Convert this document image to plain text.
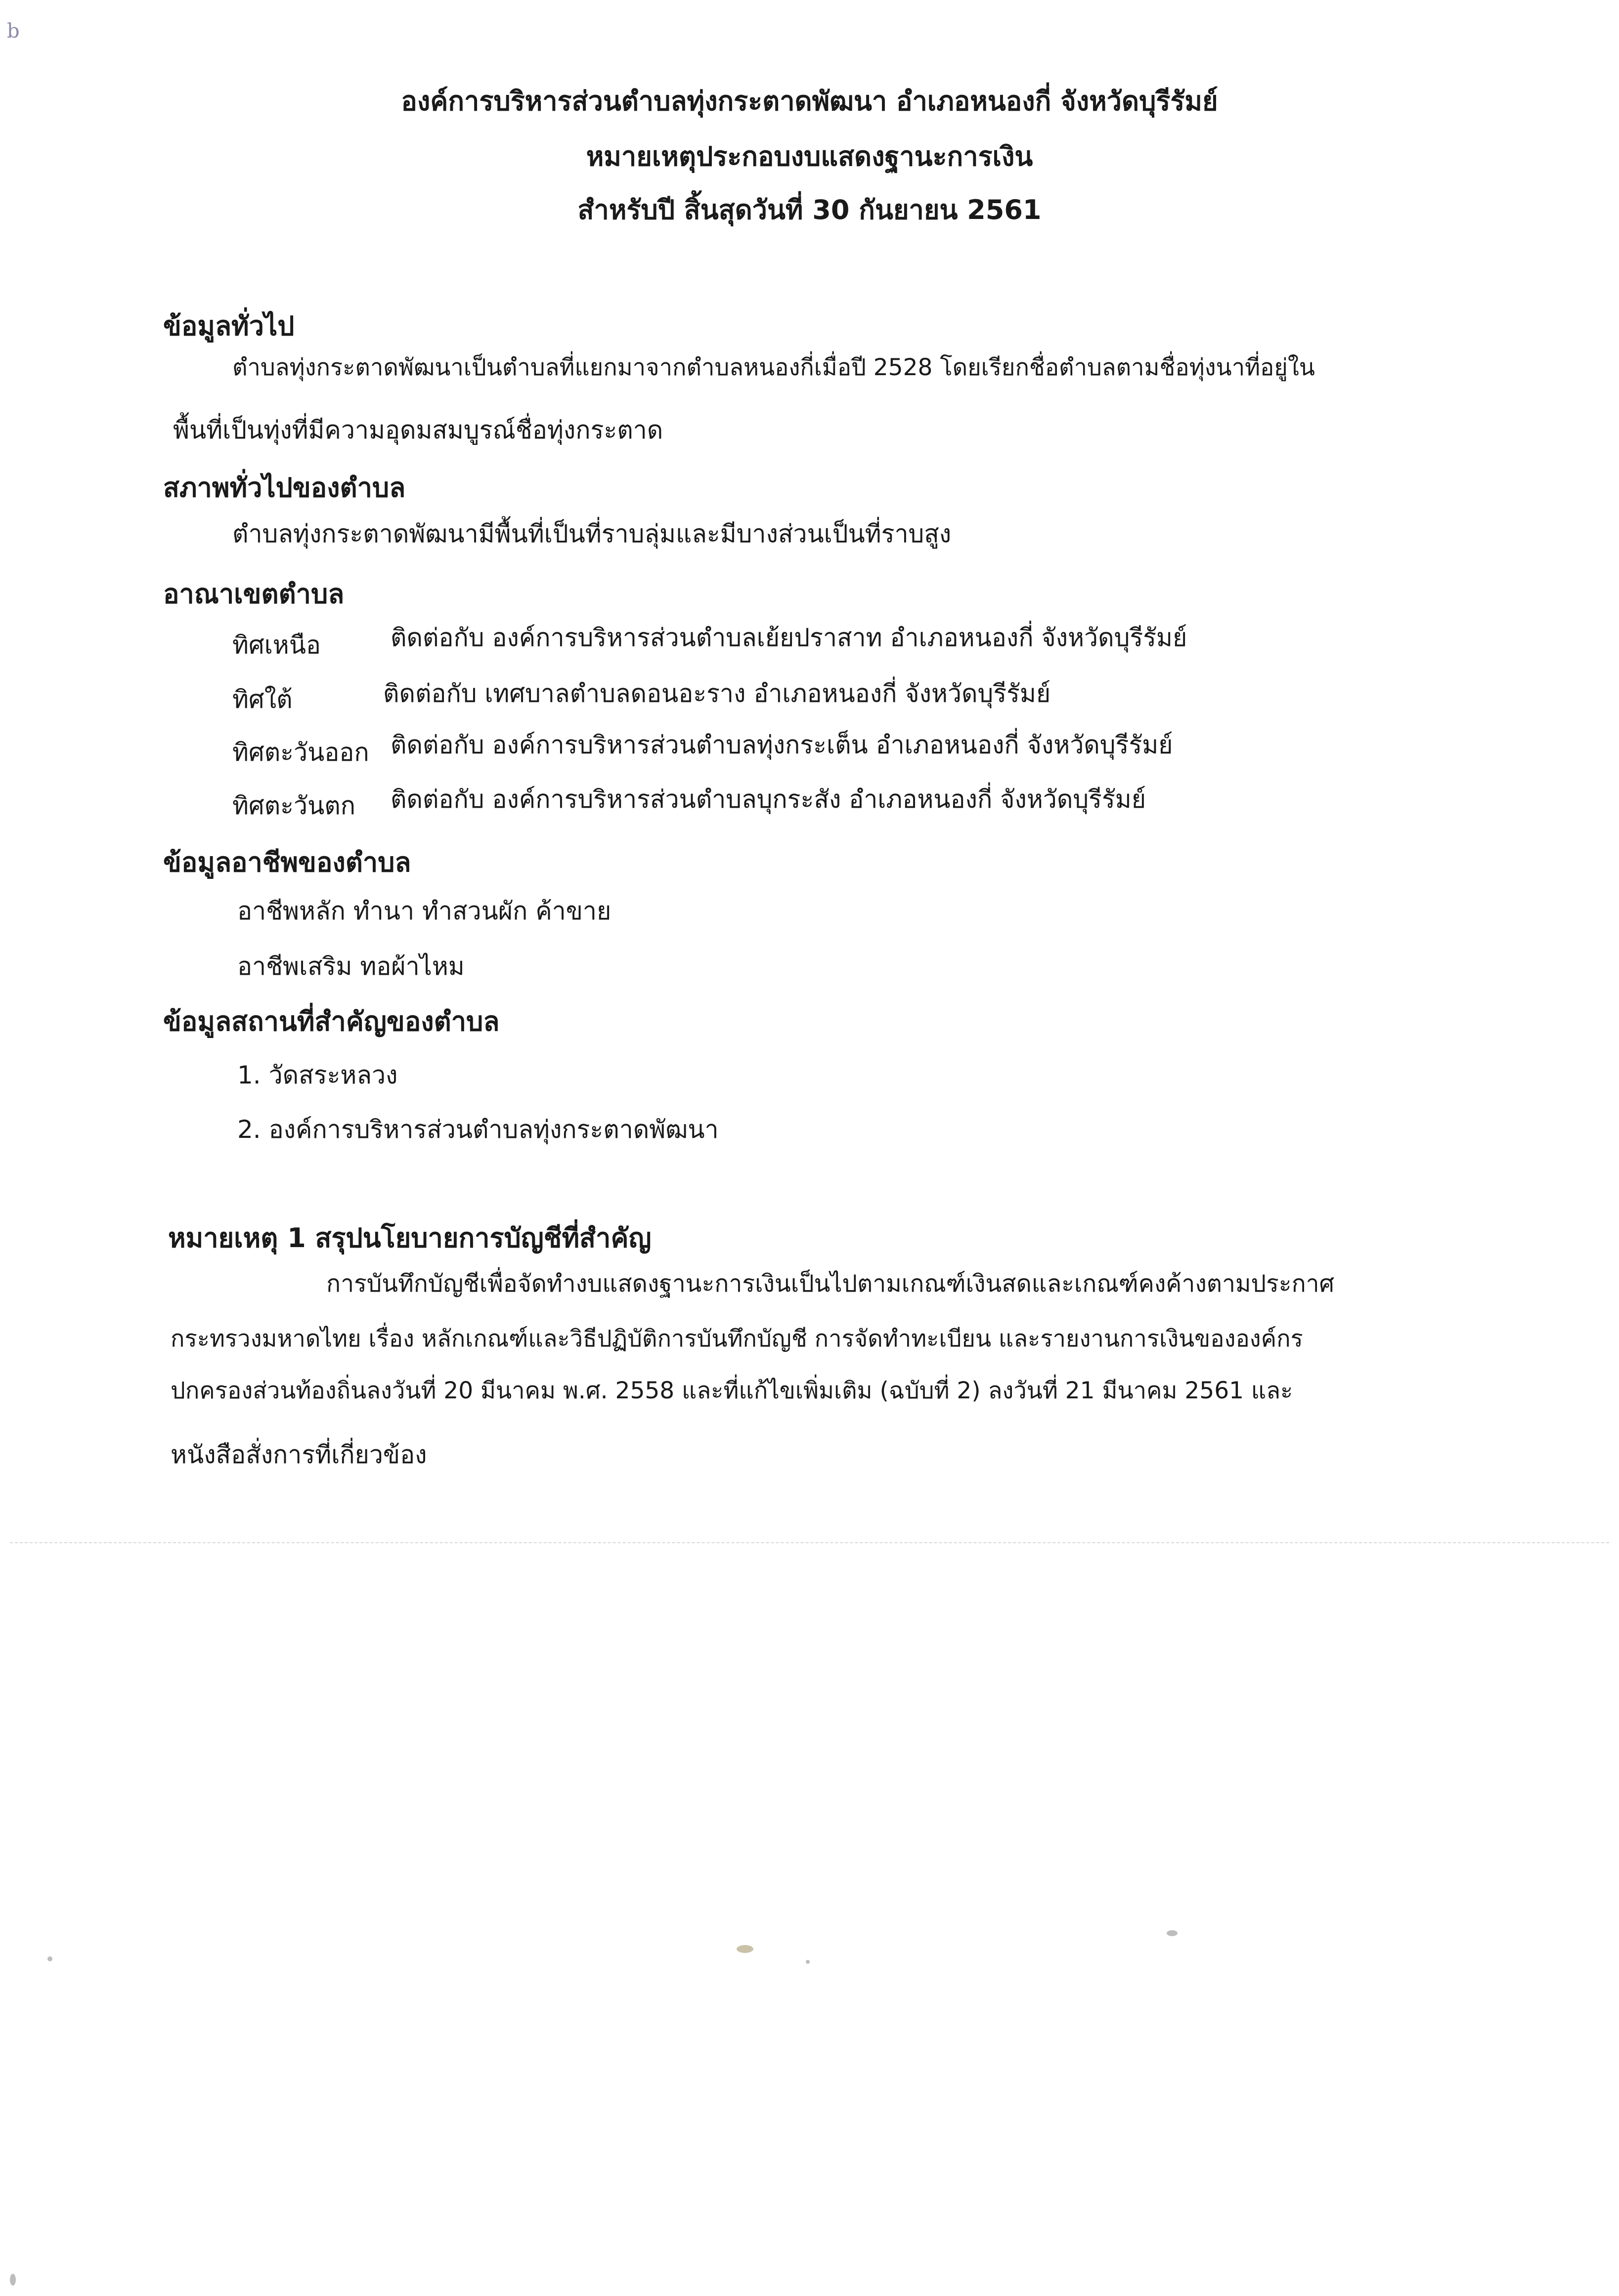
b
องค์การบริหารส่วนตำบลทุ่งกระตาดพัฒนา อำเภอหนองกี่ จังหวัดบุรีรัมย์
หมายเหตุประกอบงบแสดงฐานะการเงิน
สำหรับปี สิ้นสุดวันที่ 30 กันยายน 2561
ข้อมูลทั่วไป
ตำบลทุ่งกระตาดพัฒนาเป็นตำบลที่แยกมาจากตำบลหนองกี่เมื่อปี 2528 โดยเรียกชื่อตำบลตามชื่อทุ่งนาที่อยู่ใน
พื้นที่เป็นทุ่งที่มีความอุดมสมบูรณ์ชื่อทุ่งกระตาด
สภาพทั่วไปของตำบล
ตำบลทุ่งกระตาดพัฒนามีพื้นที่เป็นที่ราบลุ่มและมีบางส่วนเป็นที่ราบสูง
อาณาเขตตำบล
ทิศเหนือ	ติดต่อกับ องค์การบริหารส่วนตำบลเย้ยปราสาท อำเภอหนองกี่ จังหวัดบุรีรัมย์
ทิศใต้	ติดต่อกับ เทศบาลตำบลดอนอะราง อำเภอหนองกี่ จังหวัดบุรีรัมย์
ทิศตะวันออก ติดต่อกับ องค์การบริหารส่วนตำบลทุ่งกระเต็น อำเภอหนองกี่ จังหวัดบุรีรัมย์
ทิศตะวันตก ติดต่อกับ องค์การบริหารส่วนตำบลบุกระสัง อำเภอหนองกี่ จังหวัดบุรีรัมย์
ข้อมูลอาชีพของตำบล
อาชีพหลัก ทำนา ทำสวนผัก ค้าขาย
อาชีพเสริม ทอผ้าไหม
ข้อมูลสถานที่สำคัญของตำบล
1. วัดสระหลวง
2. องค์การบริหารส่วนตำบลทุ่งกระตาดพัฒนา
หมายเหตุ 1 สรุปนโยบายการบัญชีที่สำคัญ
การบันทึกบัญชีเพื่อจัดทำงบแสดงฐานะการเงินเป็นไปตามเกณฑ์เงินสดและเกณฑ์คงค้างตามประกาศ
กระทรวงมหาดไทย เรื่อง หลักเกณฑ์และวิธีปฏิบัติการบันทึกบัญชี การจัดทำทะเบียน และรายงานการเงินขององค์กร
ปกครองส่วนท้องถิ่นลงวันที่ 20 มีนาคม พ.ศ. 2558 และที่แก้ไขเพิ่มเติม (ฉบับที่ 2) ลงวันที่ 21 มีนาคม 2561 และ
หนังสือสั่งการที่เกี่ยวข้อง
